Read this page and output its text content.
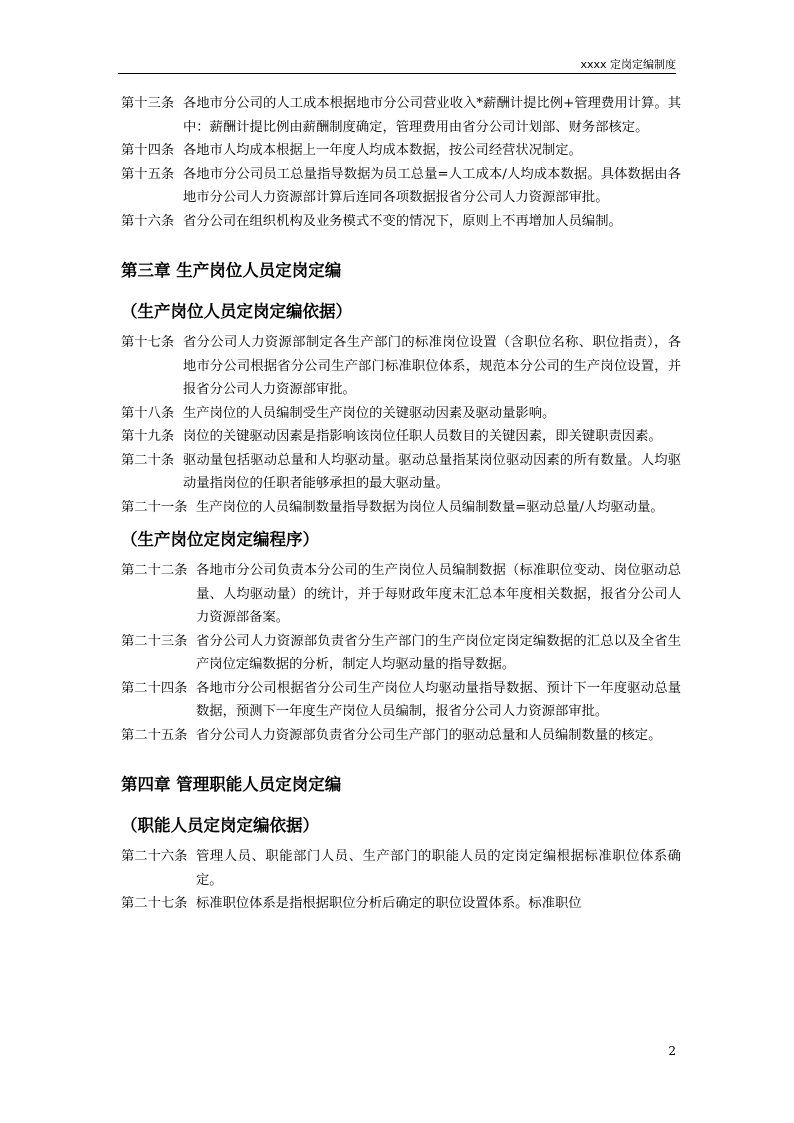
xxxx 定岗定编制度

第十三条 各地市分公司的人工成本根据地市分公司营业收入*薪酬计提比例+管理费用计算。其中：薪酬计提比例由薪酬制度确定，管理费用由省分公司计划部、财务部核定。

第十四条 各地市人均成本根据上一年度人均成本数据，按公司经营状况制定。

第十五条 各地市分公司员工总量指导数据为员工总量=人工成本/人均成本数据。具体数据由各地市分公司人力资源部计算后连同各项数据报省分公司人力资源部审批。

第十六条 省分公司在组织机构及业务模式不变的情况下，原则上不再增加人员编制。

第三章 生产岗位人员定岗定编
（生产岗位人员定岗定编依据）

第十七条 省分公司人力资源部制定各生产部门的标准岗位设置（含职位名称、职位指责），各地市分公司根据省分公司生产部门标准职位体系，规范本分公司的生产岗位设置，并报省分公司人力资源部审批。

第十八条 生产岗位的人员编制受生产岗位的关键驱动因素及驱动量影响。

第十九条 岗位的关键驱动因素是指影响该岗位任职人员数目的关键因素，即关键职责因素。

第二十条 驱动量包括驱动总量和人均驱动量。驱动总量指某岗位驱动因素的所有数量。人均驱动量指岗位的任职者能够承担的最大驱动量。

第二十一条 生产岗位的人员编制数量指导数据为岗位人员编制数量=驱动总量/人均驱动量。

（生产岗位定岗定编程序）

第二十二条 各地市分公司负责本分公司的生产岗位人员编制数据（标准职位变动、岗位驱动总量、人均驱动量）的统计，并于每财政年度末汇总本年度相关数据，报省分公司人力资源部备案。

第二十三条 省分公司人力资源部负责省分生产部门的生产岗位定岗定编数据的汇总以及全省生产岗位定编数据的分析，制定人均驱动量的指导数据。

第二十四条 各地市分公司根据省分公司生产岗位人均驱动量指导数据、预计下一年度驱动总量数据，预测下一年度生产岗位人员编制，报省分公司人力资源部审批。

第二十五条 省分公司人力资源部负责省分公司生产部门的驱动总量和人员编制数量的核定。

第四章 管理职能人员定岗定编
（职能人员定岗定编依据）

第二十六条 管理人员、职能部门人员、生产部门的职能人员的定岗定编根据标准职位体系确定。

第二十七条 标准职位体系是指根据职位分析后确定的职位设置体系。标准职位

2
